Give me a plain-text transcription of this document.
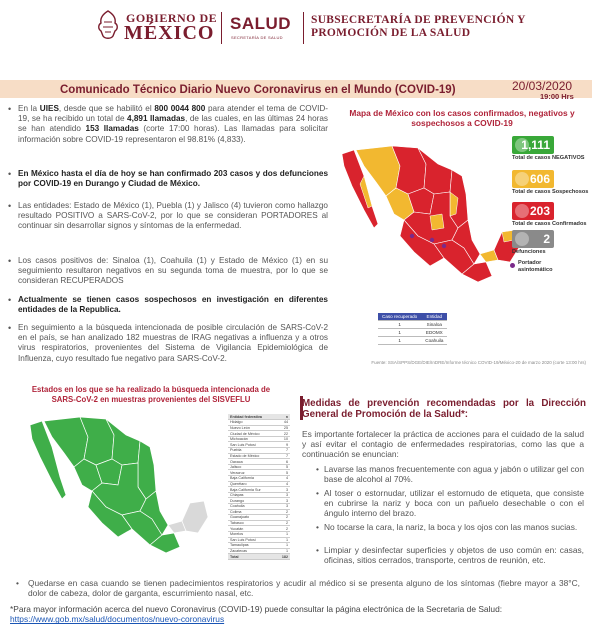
GOBIERNO DE
MÉXICO SALUD
SECRETARÍA DE SALUD
SUBSECRETARÍA DE PREVENCIÓN Y
PROMOCIÓN DE LA SALUD
Comunicado Técnico Diario Nuevo Coronavirus en el Mundo (COVID-19)	20/03/2020
19:00 Hrs
• En la UIES, desde que se habilitó el 800 0044 800 para atender el tema de COVID-19, se ha recibido un total de 4,891 llamadas, de las cuales, en las últimas 24 horas se han atendido 153 llamadas (corte 17:00 horas). Las llamadas para solicitar información sobre COVID-19 representaron el 98.81% (4,833).
• En México hasta el día de hoy se han confirmado 203 casos y dos defunciones por COVID-19 en Durango y Ciudad de México.
• Las entidades: Estado de México (1), Puebla (1) y Jalisco (4) tuvieron como hallazgo resultado POSITIVO a SARS-CoV-2, por lo que se consideran PORTADORES al continuar sin desarrollar signos y síntomas de la enfermedad.
• Los casos positivos de: Sinaloa (1), Coahuila (1) y Estado de México (1) en su seguimiento resultaron negativos en su segunda toma de muestra, por lo que se consideran RECUPERADOS
• Actualmente se tienen casos sospechosos en investigación en diferentes entidades de la Republica.
• En seguimiento a la búsqueda intencionada de posible circulación de SARS-CoV-2 en el país, se han analizado 182 muestras de IRAG negativas a influenza y a otros virus respiratorios, provenientes del Sistema de Vigilancia Epidemiológica de Influenza, cuyo resultado fue negativo para SARS-CoV-2.
Mapa de México con los casos confirmados, negativos y sospechosos a COVID-19
1,111
Total de casos NEGATIVOS
606
Total de casos Sospechosos
203
Total de casos Confirmados
2
Defunciones
Portador asintomático
Caso recuperado	Entidad
1	Sinaloa
1	EDOMX
1	Coahuila
Fuente: SSA/SPPS/DGE/DIE/InDRE/Informe técnico COVID-19/México-20 de marzo 2020 (corte 13:00 hrs)
Estados en los que se ha realizado la búsqueda intencionada de SARS-CoV-2 en muestras provenientes del SISVEFLU
Entidad federativa	n
Hidalgo	44
Nuevo León	25
Ciudad de México	22
Michoacán	10
San Luis Potosí	9
Puebla	7
Estado de México	7
Oaxaca	6
Jalisco	5
Veracruz	5
Baja California	4
Querétaro	4
Baja California Sur	3
Chiapas	3
Durango	3
Coahuila	3
Colima	2
Guanajuato	2
Tabasco	2
Yucatán	2
Morelos	1
San Luis Potosí	1
Tamaulipas	1
Zacatecas	1
Total	182
Medidas de prevención recomendadas por la Dirección General de Promoción de la Salud*:
Es importante fortalecer la práctica de acciones para el cuidado de la salud y así evitar el contagio de enfermedades respiratorias, como las que a continuación se enuncian:
• Lavarse las manos frecuentemente con agua y jabón o utilizar gel con base de alcohol al 70%.
• Al toser o estornudar, utilizar el estornudo de etiqueta, que consiste en cubrirse la nariz y boca con un pañuelo desechable o con el ángulo interno del brazo.
• No tocarse la cara, la nariz, la boca y los ojos con las manos sucias.
• Limpiar y desinfectar superficies y objetos de uso común en: casas, oficinas, sitios cerrados, transporte, centros de reunión, etc.
• Quedarse en casa cuando se tienen padecimientos respiratorios y acudir al médico si se presenta alguno de los síntomas (fiebre mayor a 38°C, dolor de cabeza, dolor de garganta, escurrimiento nasal, etc.
*Para mayor información acerca del nuevo Coronavirus (COVID-19) puede consultar la página electrónica de la Secretaria de Salud: https://www.gob.mx/salud/documentos/nuevo-coronavirus
